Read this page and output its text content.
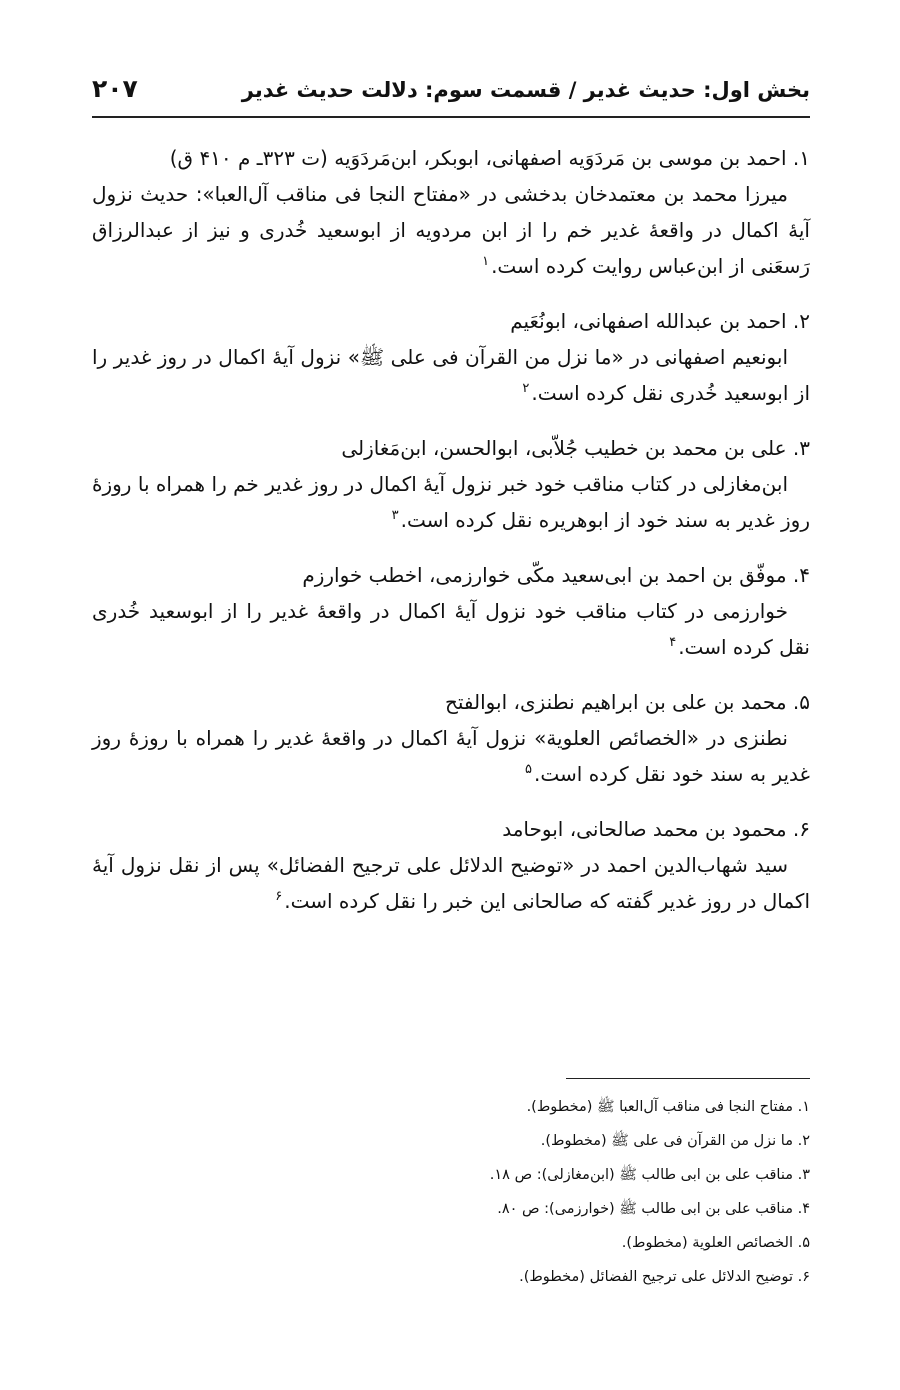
بخش اول: حدیث غدیر / قسمت سوم: دلالت حدیث غدیر
۲۰۷

۱. احمد بن موسی بن مَردَوَیه اصفهانی، ابوبکر، ابن‌مَردَوَیه (ت ۳۲۳ـ م ۴۱۰ ق)

میرزا محمد بن معتمدخان بدخشی در «مفتاح النجا فی مناقب آل‌العبا»: حدیث نزول آیهٔ اکمال در واقعهٔ غدیر خم را از ابن مردویه از ابوسعید خُدری و نیز از عبدالرزاق رَسعَنی از ابن‌عباس روایت کرده است.$^۱$

۲. احمد بن عبدالله اصفهانی، ابونُعَیم

ابونعیم اصفهانی در «ما نزل من القرآن فی علی ﷺ» نزول آیهٔ اکمال در روز غدیر را از ابوسعید خُدری نقل کرده است.$^۲$

۳. علی بن محمد بن خطیب جُلاّبی، ابوالحسن، ابن‌مَغازلی

ابن‌مغازلی در کتاب مناقب خود خبر نزول آیهٔ اکمال در روز غدیر خم را همراه با روزهٔ روز غدیر به سند خود از ابوهریره نقل کرده است.$^۳$

۴. موفّق بن احمد بن ابی‌سعید مکّی خوارزمی، اخطب خوارزم

خوارزمی در کتاب مناقب خود نزول آیهٔ اکمال در واقعهٔ غدیر را از ابوسعید خُدری نقل کرده است.$^۴$

۵. محمد بن علی بن ابراهیم نطنزی، ابوالفتح

نطنزی در «الخصائص العلویة» نزول آیهٔ اکمال در واقعهٔ غدیر را همراه با روزهٔ روز غدیر به سند خود نقل کرده است.$^۵$

۶. محمود بن محمد صالحانی، ابوحامد

سید شهاب‌الدین احمد در «توضیح الدلائل علی ترجیح الفضائل» پس از نقل نزول آیهٔ اکمال در روز غدیر گفته که صالحانی این خبر را نقل کرده است.$^۶$

۱. مفتاح النجا فی مناقب آل‌العبا ﷺ (مخطوط).
۲. ما نزل من القرآن فی علی ﷺ (مخطوط).
۳. مناقب علی بن ابی طالب ﷺ (ابن‌مغازلی): ص ۱۸.
۴. مناقب علی بن ابی طالب ﷺ (خوارزمی): ص ۸۰.
۵. الخصائص العلویة (مخطوط).
۶. توضیح الدلائل علی ترجیح الفضائل (مخطوط).
